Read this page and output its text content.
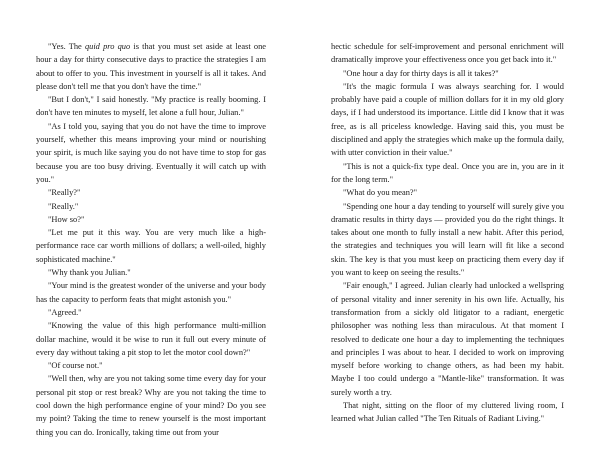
"Yes. The quid pro quo is that you must set aside at least one hour a day for thirty consecutive days to practice the strategies I am about to offer to you. This investment in yourself is all it takes. And please don't tell me that you don't have the time."

"But I don't," I said honestly. "My practice is really booming. I don't have ten minutes to myself, let alone a full hour, Julian."

"As I told you, saying that you do not have the time to improve yourself, whether this means improving your mind or nourishing your spirit, is much like saying you do not have time to stop for gas because you are too busy driving. Eventually it will catch up with you."

"Really?"

"Really."

"How so?"

"Let me put it this way. You are very much like a high-performance race car worth millions of dollars; a well-oiled, highly sophisticated machine."

"Why thank you Julian."

"Your mind is the greatest wonder of the universe and your body has the capacity to perform feats that might astonish you."

"Agreed."

"Knowing the value of this high performance multi-million dollar machine, would it be wise to run it full out every minute of every day without taking a pit stop to let the motor cool down?"

"Of course not."

"Well then, why are you not taking some time every day for your personal pit stop or rest break? Why are you not taking the time to cool down the high performance engine of your mind? Do you see my point? Taking the time to renew yourself is the most important thing you can do. Ironically, taking time out from your

hectic schedule for self-improvement and personal enrichment will dramatically improve your effectiveness once you get back into it."

"One hour a day for thirty days is all it takes?"

"It's the magic formula I was always searching for. I would probably have paid a couple of million dollars for it in my old glory days, if I had understood its importance. Little did I know that it was free, as is all priceless knowledge. Having said this, you must be disciplined and apply the strategies which make up the formula daily, with utter conviction in their value."

"This is not a quick-fix type deal. Once you are in, you are in it for the long term."

"What do you mean?"

"Spending one hour a day tending to yourself will surely give you dramatic results in thirty days — provided you do the right things. It takes about one month to fully install a new habit. After this period, the strategies and techniques you will learn will fit like a second skin. The key is that you must keep on practicing them every day if you want to keep on seeing the results."

"Fair enough," I agreed. Julian clearly had unlocked a wellspring of personal vitality and inner serenity in his own life. Actually, his transformation from a sickly old litigator to a radiant, energetic philosopher was nothing less than miraculous. At that moment I resolved to dedicate one hour a day to implementing the techniques and principles I was about to hear. I decided to work on improving myself before working to change others, as had been my habit. Maybe I too could undergo a "Mantle-like" transformation. It was surely worth a try.

That night, sitting on the floor of my cluttered living room, I learned what Julian called "The Ten Rituals of Radiant Living."
